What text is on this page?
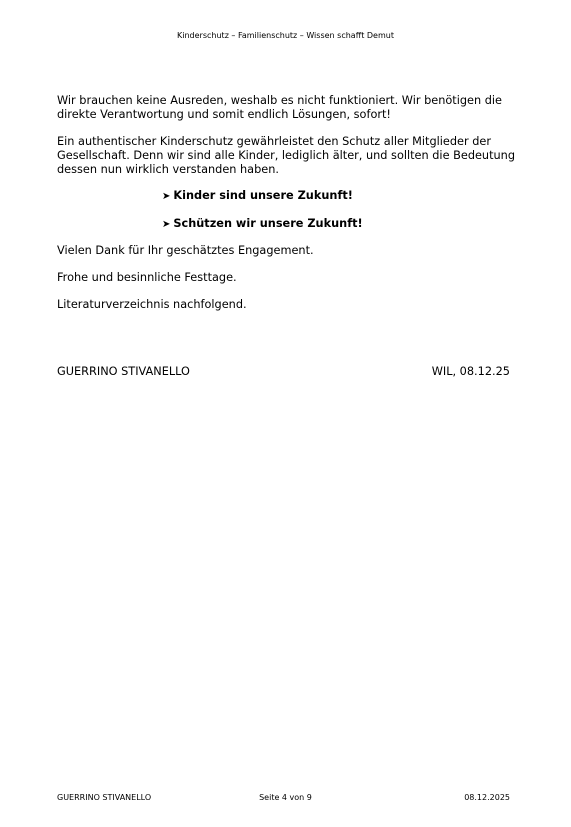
Kinderschutz – Familienschutz – Wissen schafft Demut
Wir brauchen keine Ausreden, weshalb es nicht funktioniert. Wir benötigen die direkte Verantwortung und somit endlich Lösungen, sofort!
Ein authentischer Kinderschutz gewährleistet den Schutz aller Mitglieder der Gesellschaft. Denn wir sind alle Kinder, lediglich älter, und sollten die Bedeutung dessen nun wirklich verstanden haben.
➤ Kinder sind unsere Zukunft!
➤ Schützen wir unsere Zukunft!
Vielen Dank für Ihr geschätztes Engagement.
Frohe und besinnliche Festtage.
Literaturverzeichnis nachfolgend.
GUERRINO STIVANELLO	WIL, 08.12.25
GUERRINO STIVANELLO	Seite 4 von 9	08.12.2025
